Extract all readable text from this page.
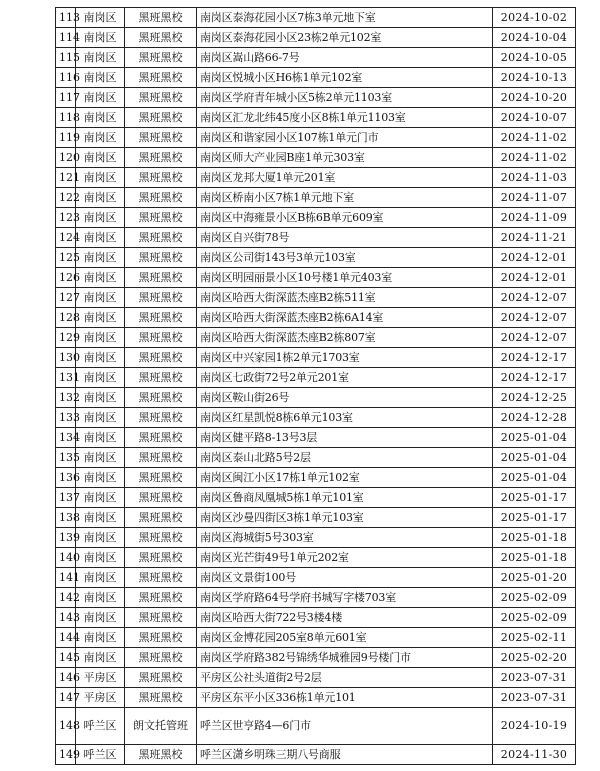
113	南岗区	黑班黑校	南岗区泰海花园小区7栋3单元地下室	2024-10-02
114	南岗区	黑班黑校	南岗区泰海花园小区23栋2单元102室	2024-10-04
115	南岗区	黑班黑校	南岗区嵩山路66-7号	2024-10-05
116	南岗区	黑班黑校	南岗区悦城小区H6栋1单元102室	2024-10-13
117	南岗区	黑班黑校	南岗区学府青年城小区5栋2单元1103室	2024-10-20
118	南岗区	黑班黑校	南岗区汇龙北纬45度小区8栋1单元1103室	2024-10-07
119	南岗区	黑班黑校	南岗区和谐家园小区107栋1单元门市	2024-11-02
120	南岗区	黑班黑校	南岗区师大产业园B座1单元303室	2024-11-02
121	南岗区	黑班黑校	南岗区龙邦大厦1单元201室	2024-11-03
122	南岗区	黑班黑校	南岗区桥南小区7栋1单元地下室	2024-11-07
123	南岗区	黑班黑校	南岗区中海雍景小区B栋6B单元609室	2024-11-09
124	南岗区	黑班黑校	南岗区自兴街78号	2024-11-21
125	南岗区	黑班黑校	南岗区公司街143号3单元103室	2024-12-01
126	南岗区	黑班黑校	南岗区明园丽景小区10号楼1单元403室	2024-12-01
127	南岗区	黑班黑校	南岗区哈西大街深蓝杰座B2栋511室	2024-12-07
128	南岗区	黑班黑校	南岗区哈西大街深蓝杰座B2栋6A14室	2024-12-07
129	南岗区	黑班黑校	南岗区哈西大街深蓝杰座B2栋807室	2024-12-07
130	南岗区	黑班黑校	南岗区中兴家园1栋2单元1703室	2024-12-17
131	南岗区	黑班黑校	南岗区七政街72号2单元201室	2024-12-17
132	南岗区	黑班黑校	南岗区鞍山街26号	2024-12-25
133	南岗区	黑班黑校	南岗区红星凯悦8栋6单元103室	2024-12-28
134	南岗区	黑班黑校	南岗区健平路8-13号3层	2025-01-04
135	南岗区	黑班黑校	南岗区泰山北路5号2层	2025-01-04
136	南岗区	黑班黑校	南岗区闽江小区17栋1单元102室	2025-01-04
137	南岗区	黑班黑校	南岗区鲁商凤凰城5栋1单元101室	2025-01-17
138	南岗区	黑班黑校	南岗区沙曼四街区3栋1单元103室	2025-01-17
139	南岗区	黑班黑校	南岗区海城街5号303室	2025-01-18
140	南岗区	黑班黑校	南岗区光芒街49号1单元202室	2025-01-18
141	南岗区	黑班黑校	南岗区文景街100号	2025-01-20
142	南岗区	黑班黑校	南岗区学府路64号学府书城写字楼703室	2025-02-09
143	南岗区	黑班黑校	南岗区哈西大街722号3楼4楼	2025-02-09
144	南岗区	黑班黑校	南岗区金博花园205室8单元601室	2025-02-11
145	南岗区	黑班黑校	南岗区学府路382号锦绣华城雅园9号楼门市	2025-02-20
146	平房区	黑班黑校	平房区公社头道街2号2层	2023-07-31
147	平房区	黑班黑校	平房区东平小区336栋1单元101	2023-07-31
148	呼兰区	朗文托管班	呼兰区世亨路4—6门市	2024-10-19
149	呼兰区	黑班黑校	呼兰区潇乡明珠三期八号商服	2024-11-30
